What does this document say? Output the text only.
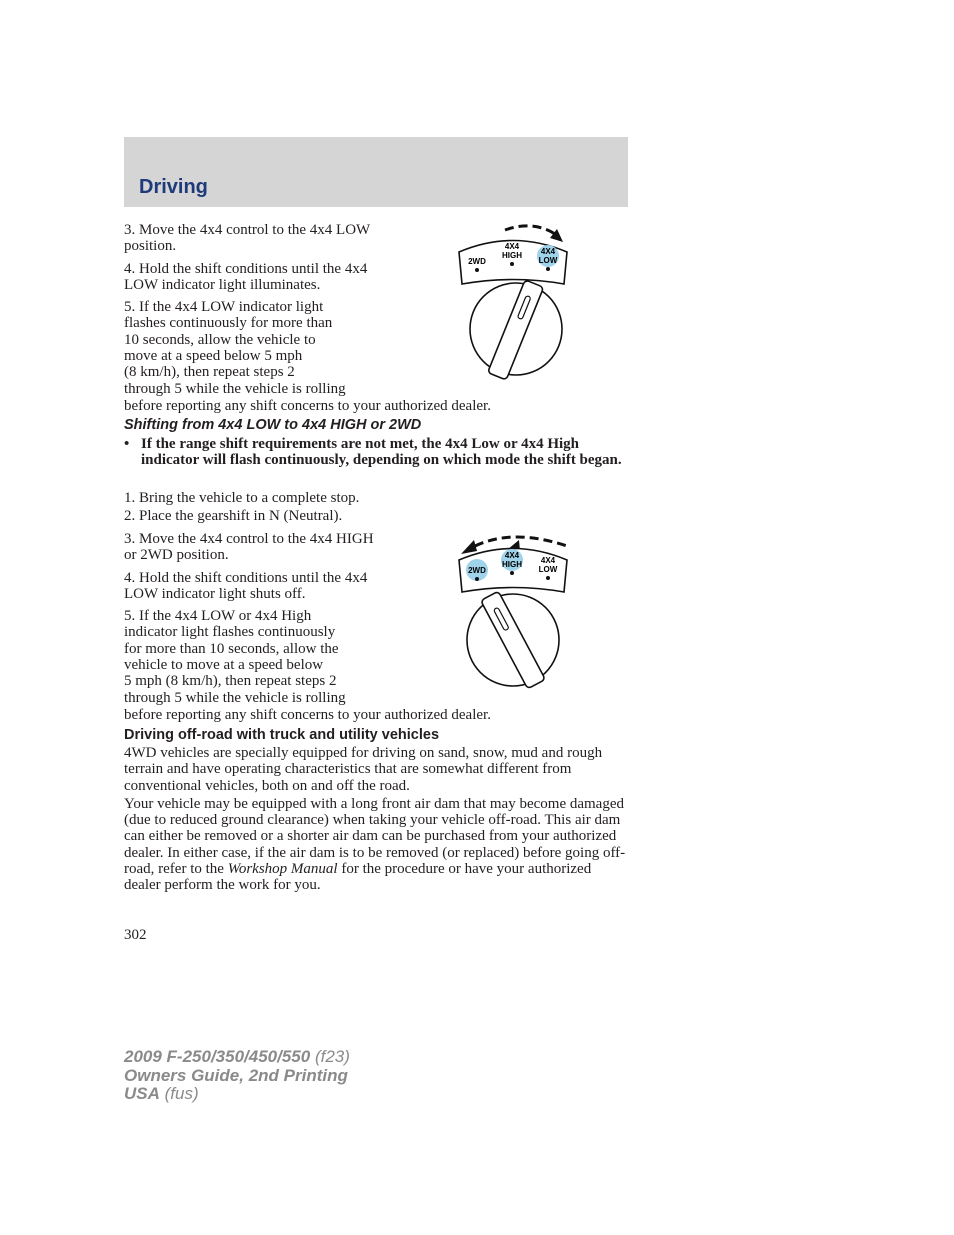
Driving

3. Move the 4x4 control to the 4x4 LOW position.

4. Hold the shift conditions until the 4x4 LOW indicator light illuminates.

5. If the 4x4 LOW indicator light
flashes continuously for more than
10 seconds, allow the vehicle to
move at a speed below 5 mph
(8 km/h), then repeat steps 2
through 5 while the vehicle is rolling
before reporting any shift concerns to your authorized dealer.
2WD
4X4
HIGH 4X4
LOW
Shifting from 4x4 LOW to 4x4 HIGH or 2WD
• If the range shift requirements are not met, the 4x4 Low or 4x4 High indicator will flash continuously, depending on which mode the shift began.
1. Bring the vehicle to a complete stop.
2. Place the gearshift in N (Neutral).

3. Move the 4x4 control to the 4x4 HIGH or 2WD position.

4. Hold the shift conditions until the 4x4 LOW indicator light shuts off.

5. If the 4x4 LOW or 4x4 High
indicator light flashes continuously
for more than 10 seconds, allow the
vehicle to move at a speed below
5 mph (8 km/h), then repeat steps 2
through 5 while the vehicle is rolling
before reporting any shift concerns to your authorized dealer.
2WD
4X4
HIGH 4X4
LOW
Driving off-road with truck and utility vehicles

4WD vehicles are specially equipped for driving on sand, snow, mud and rough terrain and have operating characteristics that are somewhat different from conventional vehicles, both on and off the road.

Your vehicle may be equipped with a long front air dam that may become damaged (due to reduced ground clearance) when taking your vehicle off-road. This air dam can either be removed or a shorter air dam can be purchased from your authorized dealer. In either case, if the air dam is to be removed (or replaced) before going off-road, refer to the Workshop Manual for the procedure or have your authorized dealer perform the work for you.

302
2009 F-250/350/450/550 (f23)
Owners Guide, 2nd Printing
USA (fus)
